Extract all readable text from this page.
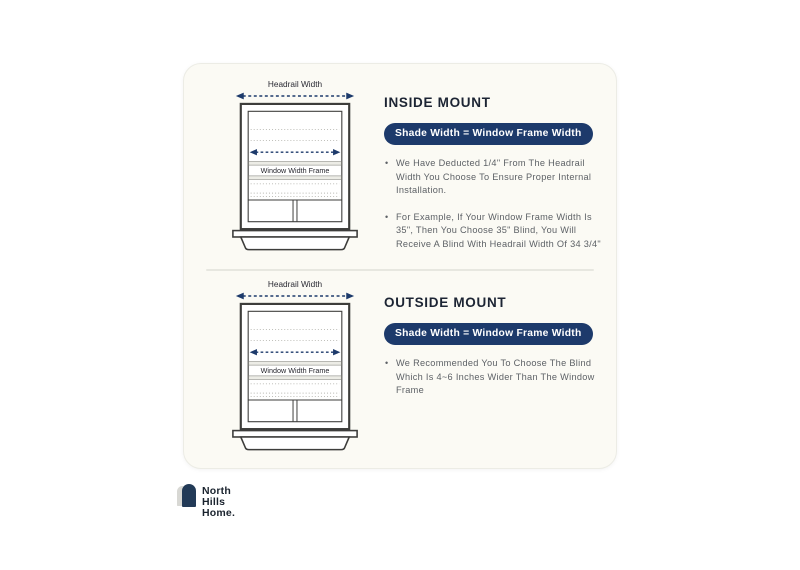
Headrail Width
Window Width Frame
INSIDE MOUNT
Shade Width = Window Frame Width
• We Have Deducted 1/4" From The Headrail Width You Choose To Ensure Proper Internal Installation.
• For Example, If Your Window Frame Width Is 35", Then You Choose 35" Blind, You Will Receive A Blind With Headrail Width Of 34 3/4"
Headrail Width
Window Width Frame
OUTSIDE MOUNT
Shade Width = Window Frame Width
• We Recommended You To Choose The Blind Which Is 4~6 Inches Wider Than The Window Frame
North Hills
Home.
